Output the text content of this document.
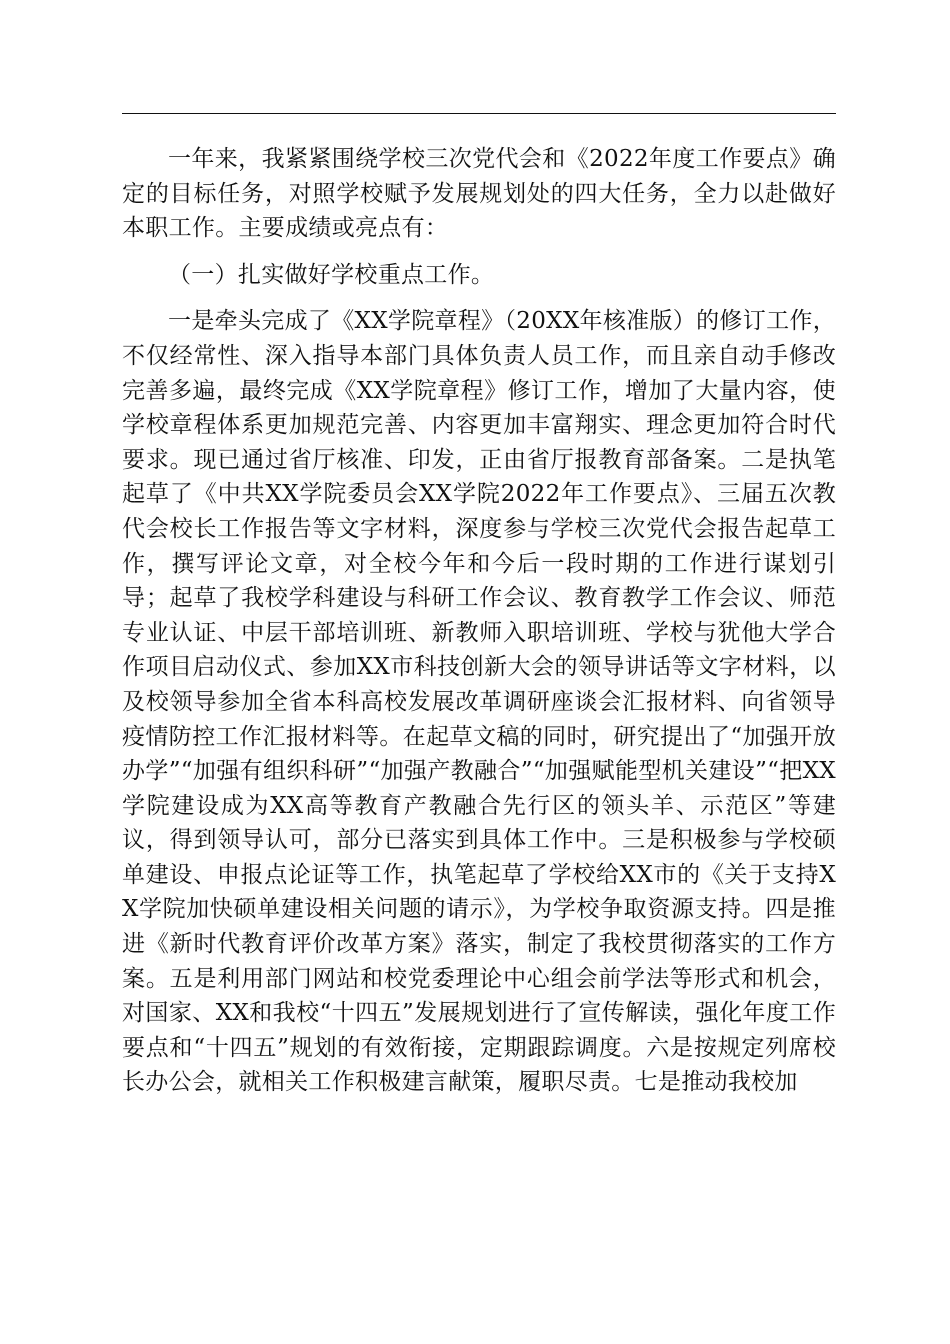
一年来，我紧紧围绕学校三次党代会和《2022年度工作要点》确定的目标任务，对照学校赋予发展规划处的四大任务，全力以赴做好本职工作。主要成绩或亮点有：

（一）扎实做好学校重点工作。

一是牵头完成了《XX学院章程》（20XX年核准版）的修订工作，不仅经常性、深入指导本部门具体负责人员工作，而且亲自动手修改完善多遍，最终完成《XX学院章程》修订工作，增加了大量内容，使学校章程体系更加规范完善、内容更加丰富翔实、理念更加符合时代要求。现已通过省厅核准、印发，正由省厅报教育部备案。二是执笔起草了《中共XX学院委员会XX学院2022年工作要点》、三届五次教代会校长工作报告等文字材料，深度参与学校三次党代会报告起草工作，撰写评论文章，对全校今年和今后一段时期的工作进行谋划引导；起草了我校学科建设与科研工作会议、教育教学工作会议、师范专业认证、中层干部培训班、新教师入职培训班、学校与犹他大学合作项目启动仪式、参加XX市科技创新大会的领导讲话等文字材料，以及校领导参加全省本科高校发展改革调研座谈会汇报材料、向省领导疫情防控工作汇报材料等。在起草文稿的同时，研究提出了“加强开放办学”“加强有组织科研”“加强产教融合”“加强赋能型机关建设”“把XX学院建设成为XX高等教育产教融合先行区的领头羊、示范区”等建议，得到领导认可，部分已落实到具体工作中。三是积极参与学校硕单建设、申报点论证等工作，执笔起草了学校给XX市的《关于支持XX学院加快硕单建设相关问题的请示》，为学校争取资源支持。四是推进《新时代教育评价改革方案》落实，制定了我校贯彻落实的工作方案。五是利用部门网站和校党委理论中心组会前学法等形式和机会，对国家、XX和我校“十四五”发展规划进行了宣传解读，强化年度工作要点和“十四五”规划的有效衔接，定期跟踪调度。六是按规定列席校长办公会，就相关工作积极建言献策，履职尽责。七是推动我校加
